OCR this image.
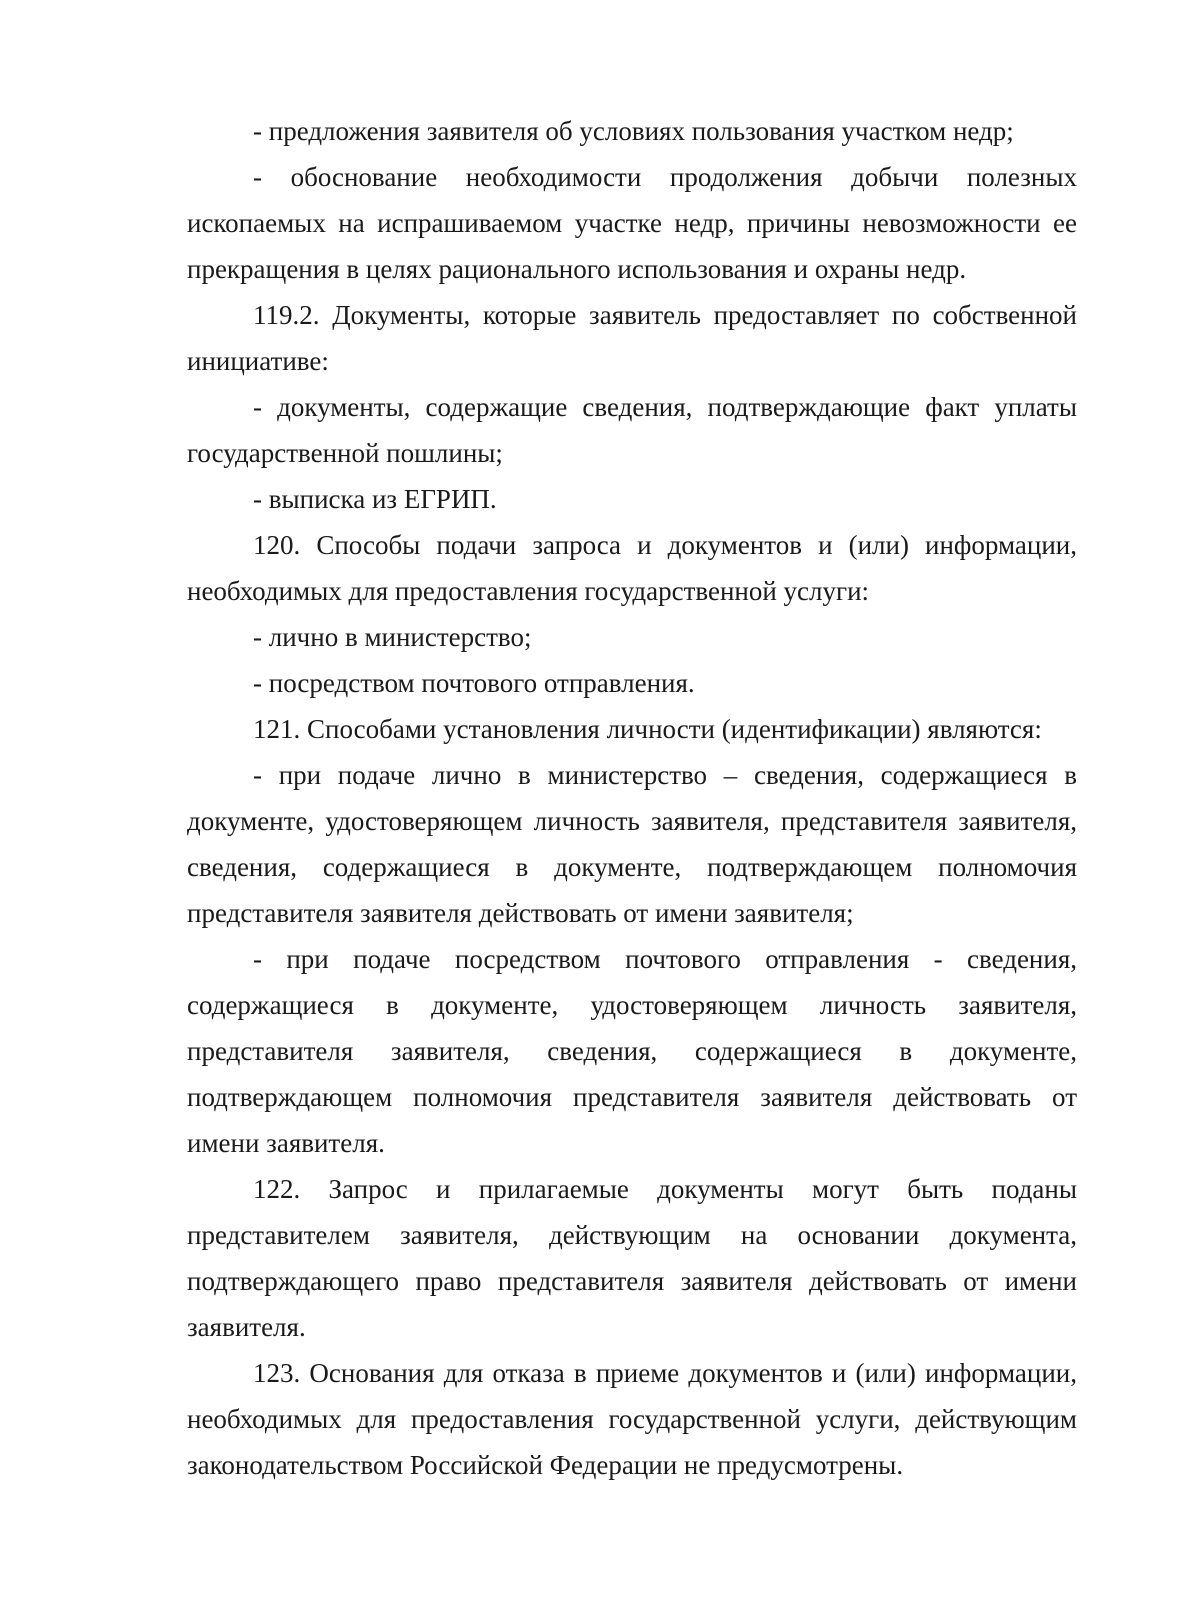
- предложения заявителя об условиях пользования участком недр;

- обоснование необходимости продолжения добычи полезных ископаемых на испрашиваемом участке недр, причины невозможности ее прекращения в целях рационального использования и охраны недр.

119.2. Документы, которые заявитель предоставляет по собственной инициативе:

- документы, содержащие сведения, подтверждающие факт уплаты государственной пошлины;

- выписка из ЕГРИП.

120. Способы подачи запроса и документов и (или) информации, необходимых для предоставления государственной услуги:

- лично в министерство;

- посредством почтового отправления.

121. Способами установления личности (идентификации) являются:

- при подаче лично в министерство – сведения, содержащиеся в документе, удостоверяющем личность заявителя, представителя заявителя, сведения, содержащиеся в документе, подтверждающем полномочия представителя заявителя действовать от имени заявителя;

- при подаче посредством почтового отправления - сведения, содержащиеся в документе, удостоверяющем личность заявителя, представителя заявителя, сведения, содержащиеся в документе, подтверждающем полномочия представителя заявителя действовать от имени заявителя.

122. Запрос и прилагаемые документы могут быть поданы представителем заявителя, действующим на основании документа, подтверждающего право представителя заявителя действовать от имени заявителя.

123. Основания для отказа в приеме документов и (или) информации, необходимых для предоставления государственной услуги, действующим законодательством Российской Федерации не предусмотрены.
